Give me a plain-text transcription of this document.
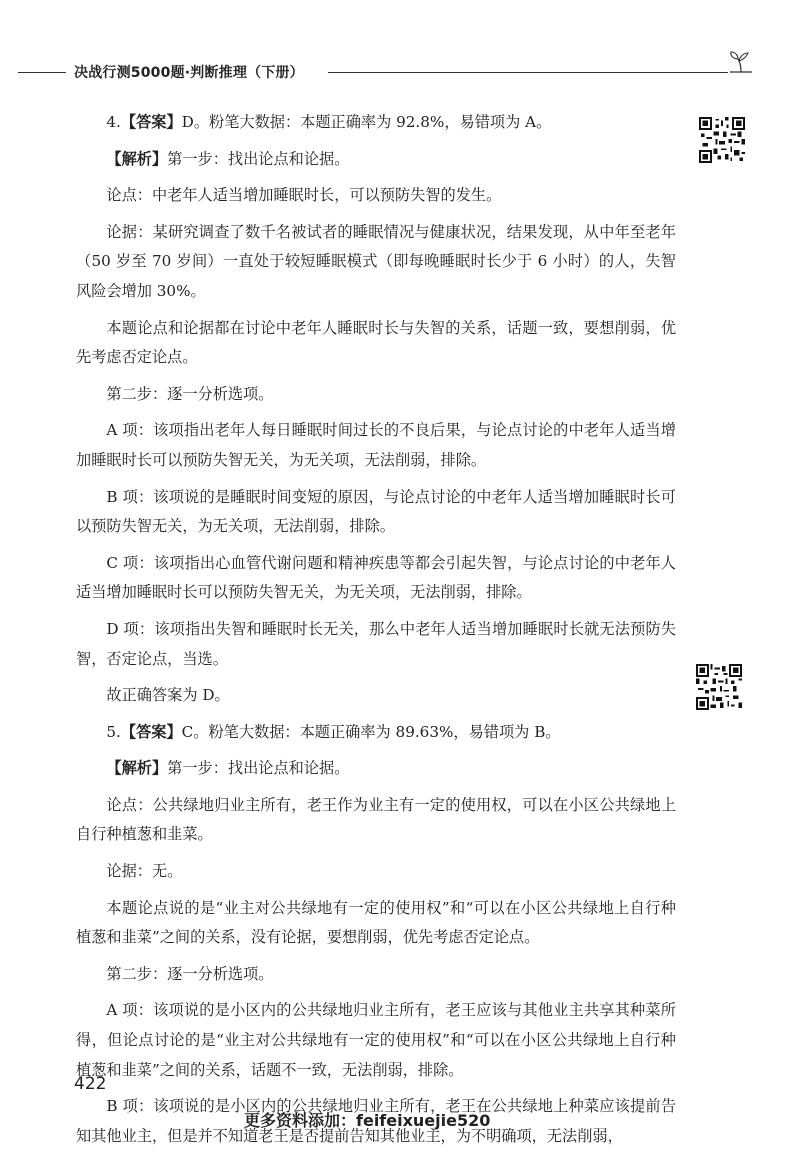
决战行测5000题·判断推理（下册）

4.【答案】D。粉笔大数据：本题正确率为 92.8%，易错项为 A。

【解析】第一步：找出论点和论据。

论点：中老年人适当增加睡眠时长，可以预防失智的发生。

论据：某研究调查了数千名被试者的睡眠情况与健康状况，结果发现，从中年至老年（50 岁至 70 岁间）一直处于较短睡眠模式（即每晚睡眠时长少于 6 小时）的人，失智风险会增加 30%。

本题论点和论据都在讨论中老年人睡眠时长与失智的关系，话题一致，要想削弱，优先考虑否定论点。

第二步：逐一分析选项。

A 项：该项指出老年人每日睡眠时间过长的不良后果，与论点讨论的中老年人适当增加睡眠时长可以预防失智无关，为无关项，无法削弱，排除。

B 项：该项说的是睡眠时间变短的原因，与论点讨论的中老年人适当增加睡眠时长可以预防失智无关，为无关项，无法削弱，排除。

C 项：该项指出心血管代谢问题和精神疾患等都会引起失智，与论点讨论的中老年人适当增加睡眠时长可以预防失智无关，为无关项，无法削弱，排除。

D 项：该项指出失智和睡眠时长无关，那么中老年人适当增加睡眠时长就无法预防失智，否定论点，当选。

故正确答案为 D。

5.【答案】C。粉笔大数据：本题正确率为 89.63%，易错项为 B。

【解析】第一步：找出论点和论据。

论点：公共绿地归业主所有，老王作为业主有一定的使用权，可以在小区公共绿地上自行种植葱和韭菜。

论据：无。

本题论点说的是“业主对公共绿地有一定的使用权”和“可以在小区公共绿地上自行种植葱和韭菜”之间的关系，没有论据，要想削弱，优先考虑否定论点。

第二步：逐一分析选项。

A 项：该项说的是小区内的公共绿地归业主所有，老王应该与其他业主共享其种菜所得，但论点讨论的是“业主对公共绿地有一定的使用权”和“可以在小区公共绿地上自行种植葱和韭菜”之间的关系，话题不一致，无法削弱，排除。

B 项：该项说的是小区内的公共绿地归业主所有，老王在公共绿地上种菜应该提前告知其他业主，但是并不知道老王是否提前告知其他业主，为不明确项，无法削弱，

422
更多资料添加：feifeixuejie520
